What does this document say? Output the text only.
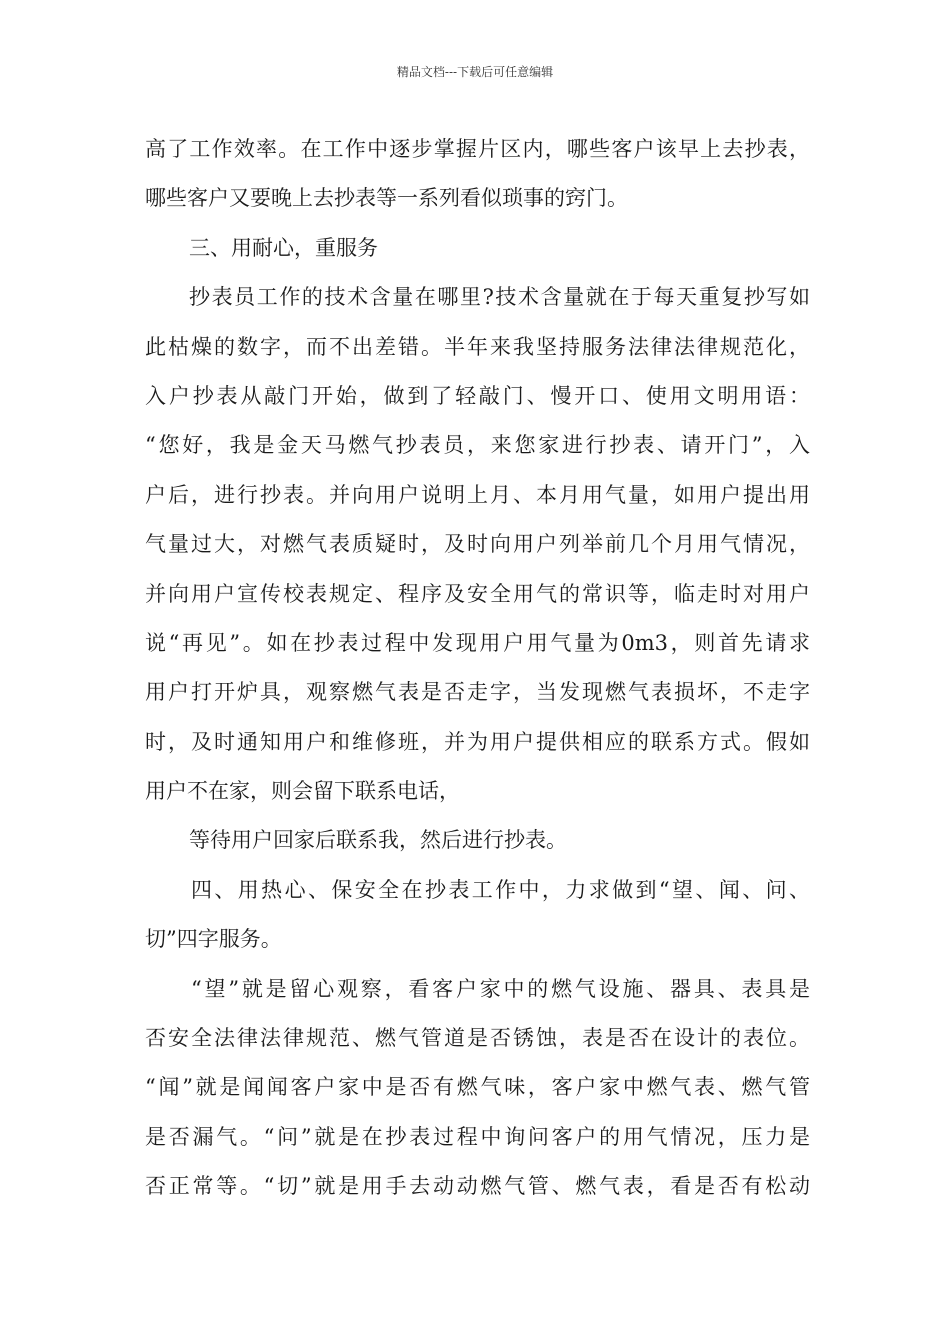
精品文档---下载后可任意编辑
高了工作效率。在工作中逐步掌握片区内，哪些客户该早上去抄表，
哪些客户又要晚上去抄表等一系列看似琐事的窍门。
三、用耐心，重服务
抄表员工作的技术含量在哪里?技术含量就在于每天重复抄写如
此枯燥的数字，而不出差错。半年来我坚持服务法律法律规范化，
入户抄表从敲门开始，做到了轻敲门、慢开口、使用文明用语：
“您好，我是金天马燃气抄表员，来您家进行抄表、请开门”，入
户后，进行抄表。并向用户说明上月、本月用气量，如用户提出用
气量过大，对燃气表质疑时，及时向用户列举前几个月用气情况，
并向用户宣传校表规定、程序及安全用气的常识等，临走时对用户
说“再见”。如在抄表过程中发现用户用气量为0m3，则首先请求
用户打开炉具，观察燃气表是否走字，当发现燃气表损坏，不走字
时，及时通知用户和维修班，并为用户提供相应的联系方式。假如
用户不在家，则会留下联系电话，
等待用户回家后联系我，然后进行抄表。
四、用热心、保安全在抄表工作中，力求做到“望、闻、问、
切”四字服务。
“望”就是留心观察，看客户家中的燃气设施、器具、表具是
否安全法律法律规范、燃气管道是否锈蚀，表是否在设计的表位。
“闻”就是闻闻客户家中是否有燃气味，客户家中燃气表、燃气管
是否漏气。“问”就是在抄表过程中询问客户的用气情况，压力是
否正常等。“切”就是用手去动动燃气管、燃气表，看是否有松动
